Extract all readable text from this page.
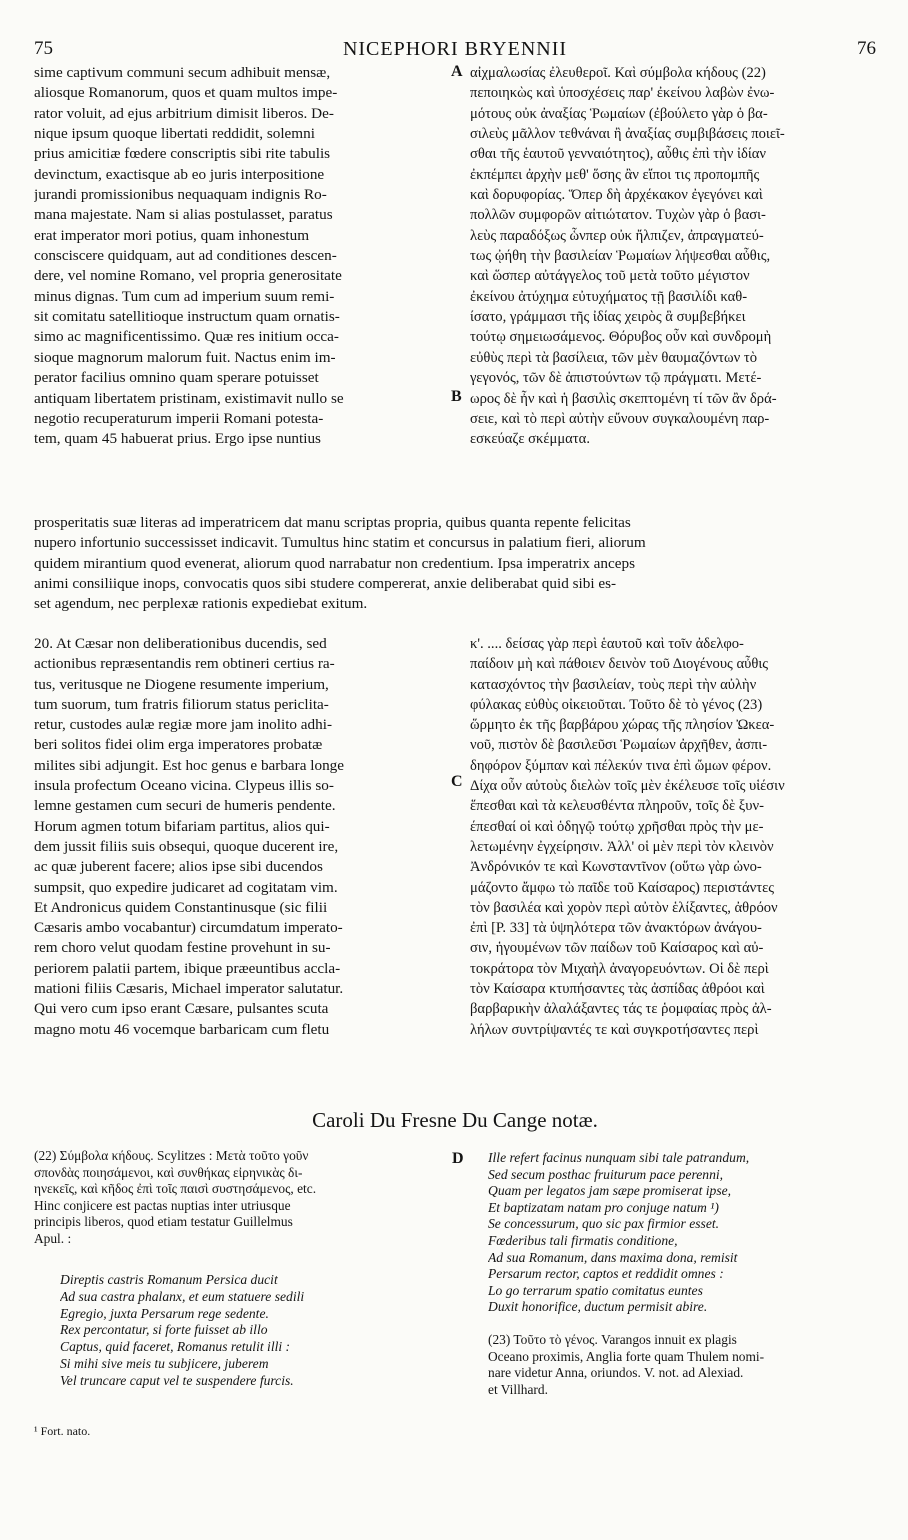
75	NICEPHORI BRYENNII	76
sime captivum communi secum adhibuit mensæ,
aliosque Romanorum, quos et quam multos impe-
rator voluit, ad ejus arbitrium dimisit liberos. De-
nique ipsum quoque libertati reddidit, solemni
prius amicitiæ fœdere conscriptis sibi rite tabulis
devinctum, exactisque ab eo juris interpositione
jurandi promissionibus nequaquam indignis Ro-
mana majestate. Nam si alias postulasset, paratus
erat imperator mori potius, quam inhonestum
consciscere quidquam, aut ad conditiones descen-
dere, vel nomine Romano, vel propria generositate
minus dignas. Tum cum ad imperium suum remi-
sit comitatu satellitioque instructum quam ornatis-
simo ac magnificentissimo. Quæ res initium occa-
sioque magnorum malorum fuit. Nactus enim im-
perator facilius omnino quam sperare potuisset
antiquam libertatem pristinam, existimavit nullo se
negotio recuperaturum imperii Romani potesta-
tem, quam 45 habuerat prius. Ergo ipse nuntius
A
B
αἰχμαλωσίας ἐλευθεροῖ. Καὶ σύμβολα κήδους (22)
πεποιηκὼς καὶ ὑποσχέσεις παρ' ἐκείνου λαβὼν ἐνω-
μότους οὐκ ἀναξίας Ῥωμαίων (ἐβούλετο γὰρ ὁ βα-
σιλεὺς μᾶλλον τεθνάναι ἢ ἀναξίας συμβιβάσεις ποιεῖ-
σθαι τῆς ἑαυτοῦ γενναιότητος), αὖθις ἐπὶ τὴν ἰδίαν
ἐκπέμπει ἀρχὴν μεθ' ὅσης ἂν εἴποι τις προπομπῆς
καὶ δορυφορίας. Ὅπερ δὴ ἀρχέκακον ἐγεγόνει καὶ
πολλῶν συμφορῶν αἰτιώτατον. Τυχὼν γὰρ ὁ βασι-
λεὺς παραδόξως ὧνπερ οὐκ ἤλπιζεν, ἀπραγματεύ-
τως ᾠήθη τὴν βασιλείαν Ῥωμαίων λήψεσθαι αὖθις,
καὶ ὥσπερ αὐτάγγελος τοῦ μετὰ τοῦτο μέγιστον
ἐκείνου ἀτύχημα εὐτυχήματος τῇ βασιλίδι καθ-
ίσατο, γράμμασι τῆς ἰδίας χειρὸς ἃ συμβεβήκει
τούτῳ σημειωσάμενος. Θόρυβος οὖν καὶ συνδρομὴ
εὐθὺς περὶ τὰ βασίλεια, τῶν μὲν θαυμαζόντων τὸ
γεγονός, τῶν δὲ ἀπιστούντων τῷ πράγματι. Μετέ-
ωρος δὲ ἦν καὶ ἡ βασιλὶς σκεπτομένη τί τῶν ἂν δρά-
σειε, καὶ τὸ περὶ αὐτὴν εὔνουν συγκαλουμένη παρ-
εσκεύαζε σκέμματα.
prosperitatis suæ literas ad imperatricem dat manu scriptas propria, quibus quanta repente felicitas
nupero infortunio successisset indicavit. Tumultus hinc statim et concursus in palatium fieri, aliorum
quidem mirantium quod evenerat, aliorum quod narrabatur non credentium. Ipsa imperatrix anceps
animi consiliique inops, convocatis quos sibi studere compererat, anxie deliberabat quid sibi es-
set agendum, nec perplexæ rationis expediebat exitum.
20. At Cæsar non deliberationibus ducendis, sed
actionibus repræsentandis rem obtineri certius ra-
tus, veritusque ne Diogene resumente imperium,
tum suorum, tum fratris filiorum status periclita-
retur, custodes aulæ regiæ more jam inolito adhi-
beri solitos fidei olim erga imperatores probatæ
milites sibi adjungit. Est hoc genus e barbara longe
insula profectum Oceano vicina. Clypeus illis so-
lemne gestamen cum securi de humeris pendente.
Horum agmen totum bifariam partitus, alios qui-
dem jussit filiis suis obsequi, quoque ducerent ire,
ac quæ juberent facere; alios ipse sibi ducendos
sumpsit, quo expedire judicaret ad cogitatam vim.
Et Andronicus quidem Constantinusque (sic filii
Cæsaris ambo vocabantur) circumdatum imperato-
rem choro velut quodam festine provehunt in su-
periorem palatii partem, ibique præeuntibus accla-
mationi filiis Cæsaris, Michael imperator salutatur.
Qui vero cum ipso erant Cæsare, pulsantes scuta
magno motu 46 vocemque barbaricam cum fletu
C
κ'. .... δείσας γὰρ περὶ ἑαυτοῦ καὶ τοῖν ἀδελφο-
παίδοιν μὴ καὶ πάθοιεν δεινὸν τοῦ Διογένους αὖθις
κατασχόντος τὴν βασιλείαν, τοὺς περὶ τὴν αὐλὴν
φύλακας εὐθὺς οἰκειοῦται. Τοῦτο δὲ τὸ γένος (23)
ὥρμητο ἐκ τῆς βαρβάρου χώρας τῆς πλησίον Ὠκεα-
νοῦ, πιστὸν δὲ βασιλεῦσι Ῥωμαίων ἀρχῆθεν, ἀσπι-
δηφόρον ξύμπαν καὶ πέλεκύν τινα ἐπὶ ὤμων φέρον.
Δίχα οὖν αὐτοὺς διελὼν τοῖς μὲν ἐκέλευσε τοῖς υἱέσιν
ἕπεσθαι καὶ τὰ κελευσθέντα πληροῦν, τοῖς δὲ ξυν-
έπεσθαί οἱ καὶ ὁδηγῷ τούτῳ χρῆσθαι πρὸς τὴν με-
λετωμένην ἐγχείρησιν. Ἀλλ' οἱ μὲν περὶ τὸν κλεινὸν
Ἀνδρόνικόν τε καὶ Κωνσταντῖνον (οὕτω γὰρ ὠνο-
μάζοντο ἄμφω τὼ παῖδε τοῦ Καίσαρος) περιστάντες
τὸν βασιλέα καὶ χορὸν περὶ αὐτὸν ἑλίξαντες, ἀθρόον
ἐπὶ [P. 33] τὰ ὑψηλότερα τῶν ἀνακτόρων ἀνάγου-
σιν, ἡγουμένων τῶν παίδων τοῦ Καίσαρος καὶ αὐ-
τοκράτορα τὸν Μιχαὴλ ἀναγορευόντων. Οἱ δὲ περὶ
τὸν Καίσαρα κτυπήσαντες τὰς ἀσπίδας ἀθρόοι καὶ
βαρβαρικὴν ἀλαλάξαντες τάς τε ῥομφαίας πρὸς ἀλ-
λήλων συντρίψαντές τε καὶ συγκροτήσαντες περὶ
Caroli Du Fresne Du Cange notæ.
(22) Σύμβολα κήδους. Scylitzes : Μετὰ τοῦτο γοῦν
σπονδὰς ποιησάμενοι, καὶ συνθήκας εἰρηνικὰς δι-
ηνεκεῖς, καὶ κῆδος ἐπὶ τοῖς παισὶ συστησάμενος, etc.
Hinc conjicere est pactas nuptias inter utriusque
principis liberos, quod etiam testatur Guillelmus
Apul. :
Direptis castris Romanum Persica ducit
Ad sua castra phalanx, et eum statuere sedili
Egregio, juxta Persarum rege sedente.
Rex percontatur, si forte fuisset ab illo
Captus, quid faceret, Romanus retulit illi :
Si mihi sive meis tu subjicere, juberem
Vel truncare caput vel te suspendere furcis.
D Ille refert facinus nunquam sibi tale patrandum,
Sed secum posthac fruiturum pace perenni,
Quam per legatos jam sæpe promiserat ipse,
Et baptizatam natam pro conjuge natum ¹)
Se concessurum, quo sic pax firmior esset.
Fœderibus tali firmatis conditione,
Ad sua Romanum, dans maxima dona, remisit
Persarum rector, captos et reddidit omnes :
Lo go terrarum spatio comitatus euntes
Duxit honorifice, ductum permisit abire.
(23) Τοῦτο τὸ γένος. Varangos innuit ex plagis
Oceano proximis, Anglia forte quam Thulem nomi-
nare videtur Anna, oriundos. V. not. ad Alexiad.
et Villhard.
¹ Fort. nato.
